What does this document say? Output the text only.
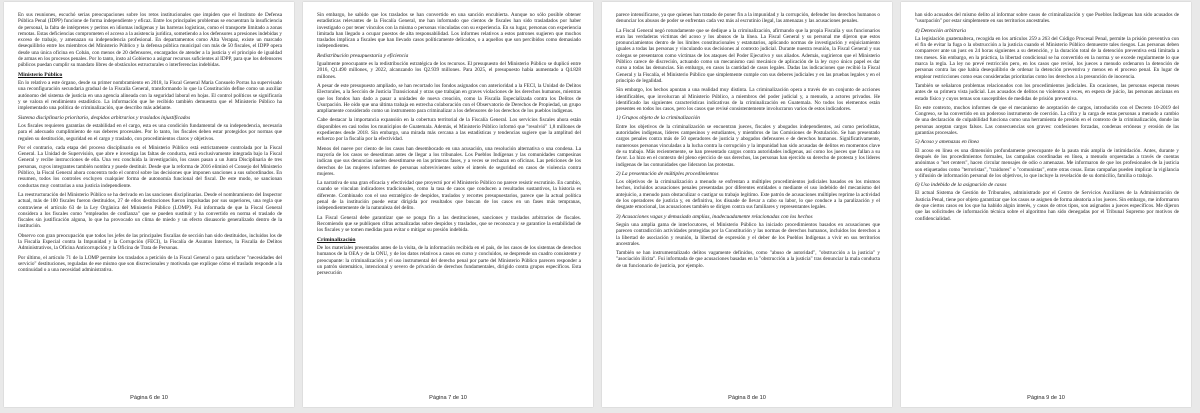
En sus reuniones, escuchó serias preocupaciones sobre los retos institucionales que impiden que el Instituto de Defensa Pública Penal (IDPP) funcione de forma independiente y eficaz. Entre los principales problemas se encuentran la insuficiencia de personal, la falta de intérpretes y peritos en idiomas indígenas y las barreras logísticas, como el transporte limitado a zonas remotas. Estas deficiencias comprometen el acceso a la asistencia jurídica, sometiendo a los defensores a presiones indebidas y exceso de trabajo, y amenazan su independencia profesional. En departamentos como Alta Verapaz, existe un marcado desequilibrio entre los miembros del Ministerio Público y la defensa pública municipal con más de 50 fiscales, el IDPP opera desde una única oficina en Cobán, con menos de 20 defensores, encargados de atender a la justicia y el principio de igualdad de armas en los procesos penales. Por lo tanto, insto al Gobierno a asignar recursos suficientes al IDPP, para que los defensores públicos puedan cumplir su mandato libres de obstáculos estructurales o interferencias indebidas.

Ministerio Público

En lo relativo a este órgano, desde su primer nombramiento en 2018, la Fiscal General María Consuelo Porras ha supervisado una reconfiguración secundaria gradual de la Fiscalía General, transformando lo que la Constitución define como un auxiliar autónomo del sistema de justicia en una agencia alineada con la seguridad laboral en hojas. El control políticos se significaría y se valora el rendimiento estadístico. La información que he recibido también demuestra que el Ministerio Público ha implementado una política de criminalización, que describo más adelante.

Sistema disciplinario prioritario, despidos arbitrarios y traslados injustificados

Los fiscales requieren garantías de estabilidad en el cargo, esta es una condición fundamental de su independencia, necesaria para el adecuado cumplimiento de sus deberes procesales. Por lo tanto, los fiscales deben estar protegidos por normas que regulen su destitución, seguridad en el cargo y traslado, con procedimientos claros y objetivos.

Por el contrario, cada etapa del proceso disciplinario en el Ministerio Público está estrictamente controlada por la Fiscal General. La Unidad de Supervisión, que abre e investiga las faltas de conducta, está exclusivamente integrada bajo la Fiscal General y recibe instrucciones de ella. Una vez concluida la investigación, los casos pasan a un Junta Disciplinaria de tres personas, cuyos integrantes también nombra y puede destituir. Desde que la reforma de 2016 eliminó el Consejo del Ministerio Público, la Fiscal General ahora concentra todo el control sobre las decisiones que imponen sanciones a sus subordinados. En resumen, todos los controles excluyen cualquier forma de autonomía funcional del fiscal. De este modo, se sancionan conductas muy contrarias a una justicia independiente.

La reestructuración del Ministerio Público se ha derivado en las sanciones disciplinarias. Desde el nombramiento del Inspector actual, más de 100 fiscales fueron destituidos, 27 de ellos destituciones fueron impulsadas por sus superiores, una regla que contraviene el artículo 63 de la Ley Orgánica del Ministerio Público (LOMP). Fui informada de que la Fiscal General considera a los fiscales como "empleados de confianza" que se pueden sustituir y ha convertido en norma el traslado de fiscales sin justificación alguna, lo que ha provocado un clima de miedo y un efecto disuasorio generalizado dentro de la institución.

Observo con gran preocupación que todos los jefes de las principales fiscalías de sección han sido destituidos, incluidos los de la Fiscalía Especial contra la Impunidad y la Corrupción (FECI), la Fiscalía de Asuntos Internos, la Fiscalía de Delitos Administrativos, la Oficina Anticorrupción y la Oficina de Trata de Personas.

Por último, el artículo 71 de la LOMP permite los traslados a petición de la Fiscal General o para satisfacer "necesidades del servicio" destituciones, reguladas de ese mismo que son discrecionales y motivada que explique cómo el traslado responde a la continuidad o a una necesidad administrativa.

Página 6 de 10

Sin embargo, he sabido que los traslados se han convertido en una sanción encubierta. Aunque no sólo posible obtener estadísticas relevantes de la Fiscalía General, me han informado que cientos de fiscales han sido trasladados por haber investigado o por tener vínculos con la misma o personas vinculadas con su experiencia. En su lugar, personas con experiencia limitada han llegado a ocupar puestos de alta responsabilidad. Los informes relativos a estos patrones sugieren que muchos traslados implican a fiscales que han llevado casos políticamente delicados, o a aquellos que son percibidos como demasiado independientes.

Redistribución presupuestaria y eficiencia

Igualmente preocupante es la redistribución estratégica de los recursos. El presupuesto del Ministerio Público se duplicó entre 2016, Q1.490 millones, y 2022, alcanzando los Q2.939 millones. Para 2025, el presupuesto había aumentado a Q4.828 millones.

A pesar de este presupuesto ampliado, se han recortado los fondos asignados con anterioridad a la FECI, la Unidad de Delitos Electorales, a la Sección de Justicia Transicional y otras que trabajan en graves violaciones de los derechos humanos, mientras que los fondos han dado a pasar a unidades de nueva creación, como la Fiscalía Especializada contra los Delitos de Usurpación. He oído que una última trabaja en estrecha colaboración con el Observatorio de Derechos de Propiedad, un grupo ampliamente considerado como un instrumento para criminalizar a los defensores de los derechos de los pueblos indígenas.

Cabe destacar la importancia expansión en la cobertura territorial de la Fiscalía General. Los servicios fiscales ahora están disponibles en casi todos los municipios de Guatemala. Además, el Ministerio Público informó que "resolvió" 1,8 millones de expedientes desde 2018. Sin embargo, una mirada más cercana a las estadísticas y tendencias sugiere que la amplitud del esfuerzo por la fiscalía por la efectividad.

Menos del nueve por ciento de los casos han desembocado en una acusación, una resolución alternativa o una condena. La mayoría de los casos se desestiman antes de llegar a los tribunales. Los Pueblos Indígenas y las comunidades campesinas indican que sus denuncias suelen desestimarse en las primeras fases, y a veces se rechazan en oficinas. Las peticiones de los derechos de las mujeres informes de personas sobrevivientes sobre el interés de seguridad en casos de violencia contra mujeres.

La narrativa de una gran eficacia y efectividad que proyectó por el Ministerio Público no parece resistir escrutinio. En cambio, cuando se vinculan indicadores tradicionales, como la tasa de casos que conducen a resultados sustantivos, la historia es diferente. Combinado con el uso estratégico de despidos, traslados y recortes presupuestarios, parece que la actual política penal de la institución puede estar dirigida por resultados que buscan de los casos en un fases más tempranas, independientemente de la naturaleza del delito.

La Fiscal General debe garantizar que se ponga fin a las destituciones, sanciones y traslados arbitrarios de fiscales. Recomiendo que se publiquen cifras actualizadas sobre despidos y traslados, que se reconozca y se garantice la estabilidad de los fiscales y se tomen medidas para evitar o mitigar su presión indebida.

Criminalización

De los materiales presentados antes de la visita, de la información recibida en el país, de los casos de los sistemas de derechos humanos de la OEA y de la ONU, y de los datos relativos a casos en curso y concluidos, se desprende un cuadro consistente y preocupante: la criminalización y el uso instrumental del derecho penal por parte del Ministerio Público parecen responder a un patrón sistemático, intencional y severo de privación de derechos fundamentales, dirigido contra grupos específicos. Esta persecución

Página 7 de 10

parece intensificarse, ya que quienes han tratado de poner fin a la impunidad y la corrupción, defender los derechos humanos o denunciar los abusos de poder se enfrentan cada vez más al escrutinio ilegal, las amenazas y las acusaciones penales.

La Fiscal General negó rotundamente que se dedique a la criminalización, afirmando que la propia Fiscalía y sus funcionarios eran las verdaderas víctimas del acoso y los abusos de la línea. La Fiscal General y su personal me dijeron que estos pronunciamientos dentro de los límites constitucionales y estatutarios, aplicando normas de investigación y enjuiciamiento iguales a todas las personas y vinculando sus decisiones al contexto judicial. Durante nuestra reunión, la Fiscal General y sus colegas se presentaron como víctimas de los ataques del Poder Ejecutivo y sus aliados. Además, sugirieron que el Ministerio Público carece de discreción, actuando como un mecanismo casi mecánico de aplicación de la ley cuyo único papel es dar curso a todas las denuncias. Sin embargo, en casos la cantidad de casos legales. Dadas las indicaciones que recibió la Fiscal General y la Fiscalía, el Ministerio Público que simplemente cumple con sus deberes judiciales y en las pruebas legales y en el principio de legalidad.

Sin embargo, los hechos apuntan a una realidad muy distinta. La criminalización opera a través de un conjunto de acciones identificables, que involucran al Ministerio Público, a miembros del poder judicial y, a menudo, a actores privados. He identificado las siguientes características indicativas de la criminalización en Guatemala. No todos los elementos están presentes en todos los casos, pero los casos que revisé consistentemente involucraron varios de estos indicadores.

1) Grupos objeto de la criminalización

Entre los objetivos de la criminalización se encuentran jueces, fiscales y abogados independientes, así como periodistas, autoridades indígenas, líderes campesinos y estudiantes, y miembros de las Comisiones de Postulación. Se han presentado cargos penales contra más de 50 operadores de justicia y abogados defensores e de derechos humanos. Significativamente, numerosos personas vinculadas a la lucha contra la corrupción y la impunidad han sido acusadas de delitos en momentos clave de su trabajo. Más recientemente, se han presentado cargos contra autoridades indígenas, así como los jueces que fallan a su favor. Lo hizo en el contexto del pleno ejercicio de sus derechos, las personas han ejercido su derecho de protesta y los líderes indígenas de las comunidades que lideraron las protestas.

2) La presentación de múltiples procedimientos

Los objetivos de la criminalización a menudo se enfrentan a múltiples procedimientos judiciales basados en los mismos hechos, incluidos acusaciones penales presentadas por diferentes entidades o mediante el uso indebido del mecanismo del antejuicio, a menudo para obstaculizar o castigar su trabajo legítimo. Este patrón de acusaciones múltiples reprime la actividad de los operadores de justicia y, en definitiva, los disuade de llevar a cabo su labor, lo que conduce a la paralización y el desgaste emocional, las acusaciones también se dirigen contra sus familiares y representantes legales.

3) Acusaciones vagas y demasiado amplias, inadecuadamente relacionadas con los hechos

Según una amplia gama de interlocutores, el Ministerio Público ha iniciado procedimientos basados en acusaciones que parecen contradicción actividades protegidas por la Constitución y las normas de derechos humanos, incluidos los derechos a la libertad de asociación y reunión, la libertad de expresión y el deber de los Pueblos Indígenas a vivir en sus territorios ancestrales.

También se han instrumentalizado delitos vagamente definidos, como "abuso de autoridad", "obstrucción a la justicia" y "asociación ilícita". Fui informada de que acusaciones basadas en la "obstrucción a la justicia" tras denunciar la mala conducta de un funcionario de justicia, por ejemplo.

Página 8 de 10

han sido acusados del mismo delito al informar sobre casos de criminalización y que Pueblos Indígenas han sido acusados de "usurpación" por estar simplemente en sus territorios ancestrales.

4) Detención arbitraria

La legislación guatemalteca, recogida en los artículos 259 a 263 del Código Procesal Penal, permite la prisión preventiva con el fin de evitar la fuga o la obstrucción a la justicia cuando el Ministerio Público demuestre tales riesgos. Las personas deben comparecer ante un juez en 24 horas siguientes a su detención, y la duración total de la detención preventiva está limitada a tres meses. Sin embargo, en la práctica, la libertad condicional se ha convertido en la norma y se excede regularmente lo que marca la regla. La ley no prevé restricción pero, en los casos que revisé, los jueces a menudo ordenaron la detención de personas contra las que había desequilibrio de ordenar la detención preventiva y menos en el proceso penal. En lugar de emplear restricciones como esas consideradas prioritarias como los derechos a la presunción de inocencia.

También se señalaron problemas relacionados con los procedimientos judiciales. En ocasiones, las personas esperan meses antes de su primera vista judicial. Los acusados de delitos no violentos a veces, en espera de juicio, las personas ancianas en estado físico y cuyos temas son susceptibles de medidas de prisión preventiva.

En este contexto, muchos informes de que el mecanismo de aceptación de cargos, introducido con el Decreto 10-2019 del Congreso, se ha convertido en un poderoso instrumento de coerción. La cifra y la carga de estas personas a menudo a cambio de una declaración de culpabilidad funciona como una herramienta de presión en el contexto de la criminalización, donde las personas aceptan cargos falsos. Las consecuencias son graves: confesiones forzadas, condenas erróneas y erosión de las garantías procesales.

5) Acoso y amenazas en línea

El acoso en línea es una dimensión profundamente preocupante de la pauta más amplia de intimidación. Antes, durante y después de los procedimientos formales, las campañas coordinadas en línea, a menudo orquestadas a través de cuentas anónimas o "net centers", hacen circular mensajes de odio o amenazas. Me informaron de que los profesionales de la justicia son etiquetados como "terroristas", "traidores" o "comunistas", entre otras cosas. Estas campañas pueden implicar la vigilancia y difusión de información personal de los objetivos, lo que incluye la revelación de su domicilio, familia o trabajo.

6) Uso indebido de la asignación de casos

El actual Sistema de Gestión de Tribunales, administrado por el Centro de Servicios Auxiliares de la Administración de Justicia Penal, tiene por objeto garantizar que los casos se asignen de forma aleatoria a los jueces. Sin embargo, me informaron de que ciertos casos en los que ha habido algún interés, y casos de otros tipos, son asignados a jueces específicos. Me dijeron que las solicitudes de información técnica sobre el algoritmo han sido denegadas por el Tribunal Supremo por motivos de confidencialidad.

Página 9 de 10
